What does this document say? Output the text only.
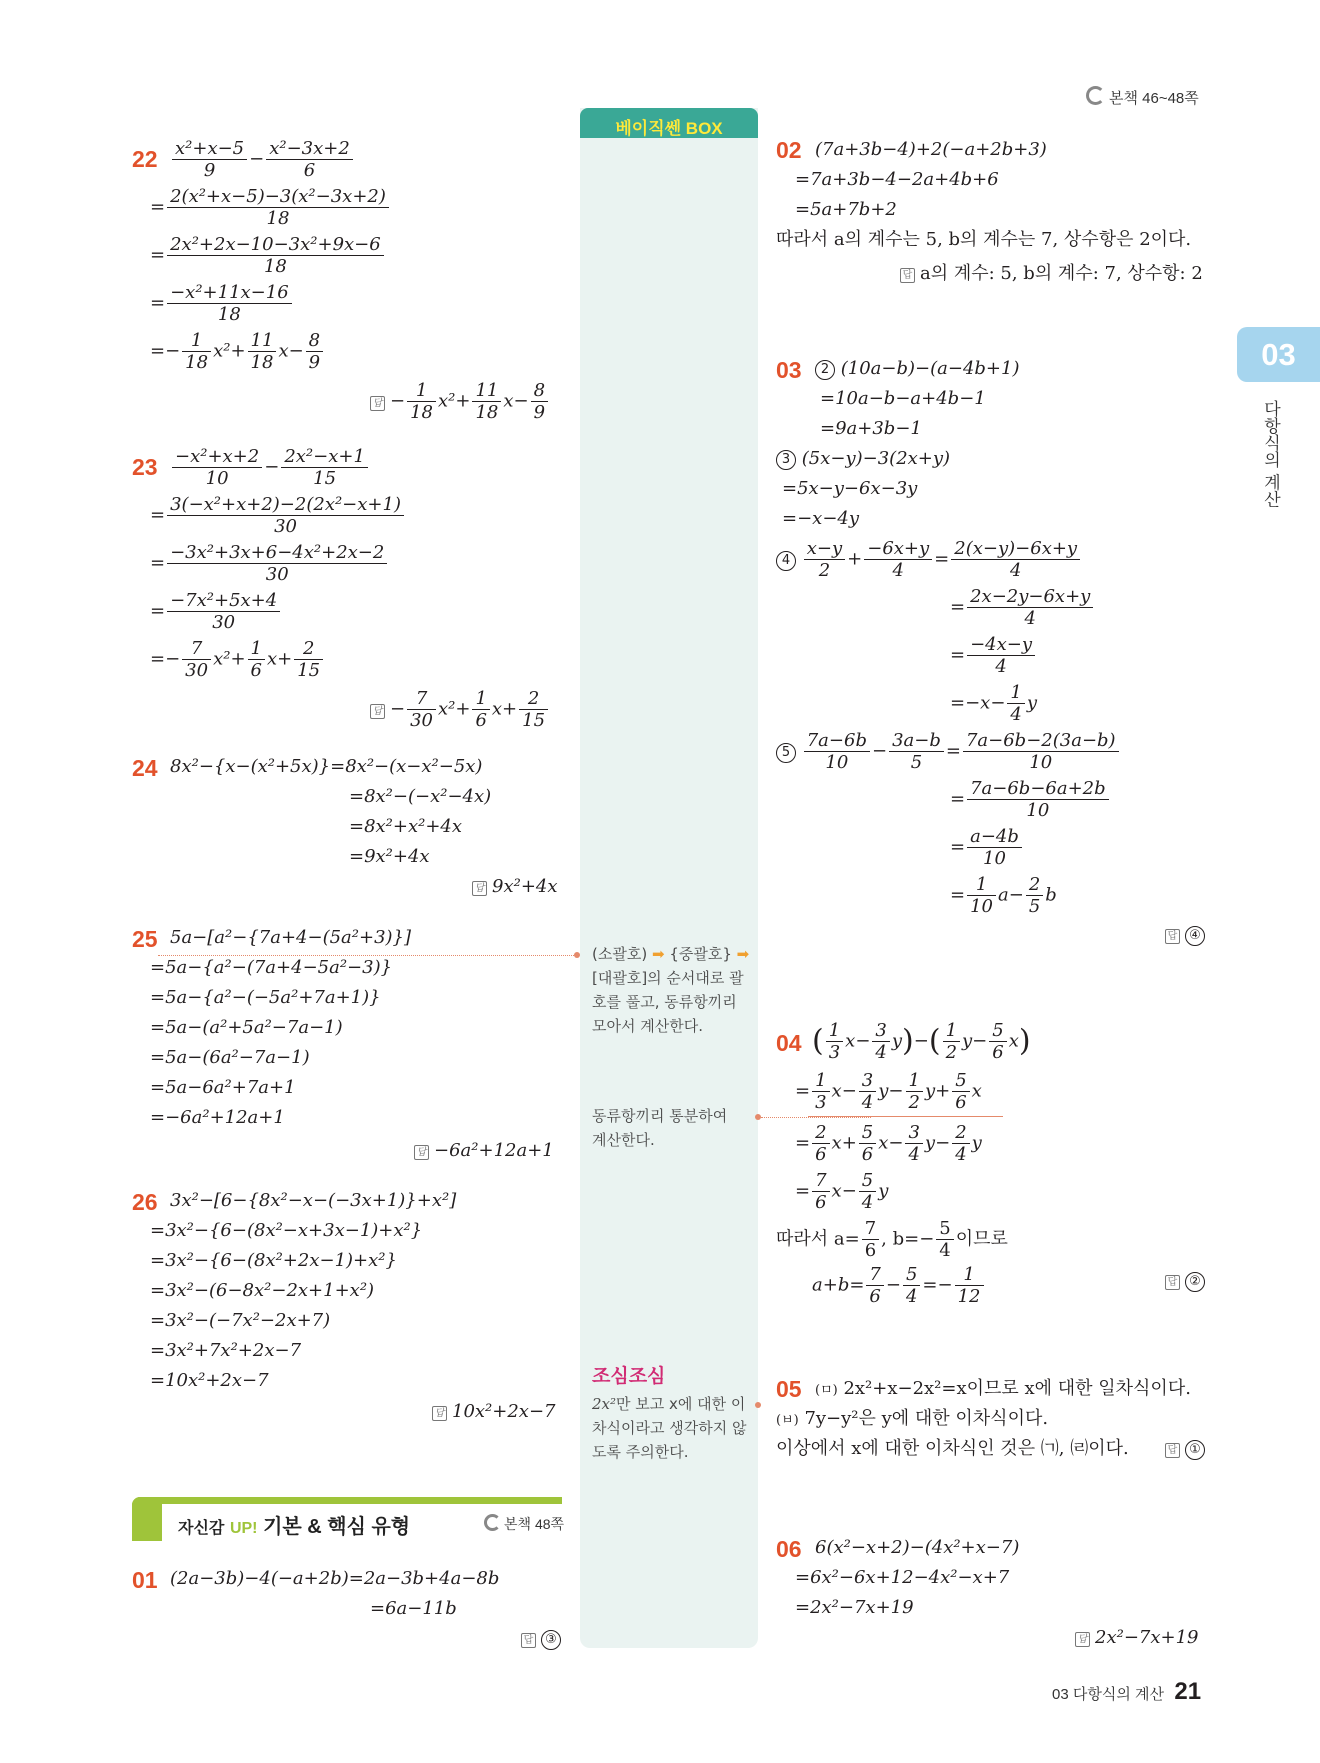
본책 46~48쪽
03
다항식의 계산
베이직쎈 BOX
(소괄호) ➡ {중괄호} ➡ [대괄호]의 순서대로 괄호를 풀고, 동류항끼리 모아서 계산한다.
동류항끼리 통분하여 계산한다.
조심조심
2x²만 보고 x에 대한 이차식이라고 생각하지 않도록 주의한다.
$22 \frac{\text{x²+x−5}}{9} - \frac{\text{x²−3x+2}}{6}$
= $\frac{\text{2(x²+x−5)−3(x²−3x+2)}}{18}$
= $\frac{\text{2x²+2x−10−3x²+9x−6}}{18}$
= $\frac{\text{−x²+11x−16}}{18}$
=− $\frac{1}{18} x^2+ \frac{11}{18} x- \frac{8}{9}$
답 − $\frac{1}{18} x^2+ \frac{11}{18} x- \frac{8}{9}$
$23 \frac{\text{−x²+x+2}}{10} - \frac{\text{2x²−x+1}}{15}$
= $\frac{\text{3(−x²+x+2)−2(2x²−x+1)}}{30}$
= $\frac{\text{−3x²+3x+6−4x²+2x−2}}{30}$
= $\frac{\text{−7x²+5x+4}}{30}$
=− $\frac{7}{30} x^2+ \frac{1}{6} x+ \frac{2}{15}$
답 − $\frac{7}{30} x^2+ \frac{1}{6} x+ \frac{2}{15}$
24 8x²−{x−(x²+5x)}=8x²−(x−x²−5x)
=8x²−(−x²−4x)
=8x²+x²+4x
=9x²+4x
답 9x²+4x
25 5a−[a²−{7a+4−(5a²+3)}]
=5a−{a²−(7a+4−5a²−3)}
=5a−{a²−(−5a²+7a+1)}
=5a−(a²+5a²−7a−1)
=5a−(6a²−7a−1)
=5a−6a²+7a+1
=−6a²+12a+1
답 −6a²+12a+1
26 3x²−[6−{8x²−x−(−3x+1)}+x²]
=3x²−{6−(8x²−x+3x−1)+x²}
=3x²−{6−(8x²+2x−1)+x²}
=3x²−(6−8x²−2x+1+x²)
=3x²−(−7x²−2x+7)
=3x²+7x²+2x−7
=10x²+2x−7
답 10x²+2x−7
자신감 UP! 기본 & 핵심 유형	본책 48쪽
01 (2a−3b)−4(−a+2b)=2a−3b+4a−8b
=6a−11b
답 ③
02 (7a+3b−4)+2(−a+2b+3)
=7a+3b−4−2a+4b+6
=5a+7b+2
따라서 a의 계수는 5, b의 계수는 7, 상수항은 2이다.
답 a의 계수: 5, b의 계수: 7, 상수항: 2
03	2 (10a−b)−(a−4b+1)
=10a−b−a+4b−1
=9a+3b−1
3 (5x−y)−3(2x+y)
=5x−y−6x−3y
=−x−4y
$4 \frac{x-y}{2} + \frac{-6x+y}{4} = \frac{2(x-y)-6x+y}{4}$
= $\frac{2x-2y-6x+y}{4}$
= $\frac{-4x-y}{4}$
$=-x- \frac{1}{4}$ y
$5 \frac{7a-6b}{10} - \frac{3a-b}{5} = \frac{7a-6b-2(3a-b)}{10}$
= $\frac{7a-6b-6a+2b}{10}$
= $\frac{a-4b}{10}$
= $\frac{1}{10} a- \frac{2}{5}$ b
답 ④
04 ( $\frac{1}{3} x- \frac{3}{4} y)-( \frac{1}{2} y- \frac{5}{6} x)$
= $\frac{1}{3} x- \frac{3}{4} y- \frac{1}{2} y+ \frac{5}{6}$ x
= $\frac{2}{6} x+ \frac{5}{6} x- \frac{3}{4} y- \frac{2}{4}$ y
= $\frac{7}{6} x- \frac{5}{4}$ y
따라서 $a= \frac{7}{6}$ , $b=- \frac{5}{4}$ 이므로
$a+b= \frac{7}{6} - \frac{5}{4} =- \frac{1}{12}$	답 ②
05 (ㅁ) 2x²+x−2x²=x이므로 x에 대한 일차식이다.
(ㅂ) 7y−y²은 y에 대한 이차식이다.
이상에서 x에 대한 이차식인 것은 ㈀, ㈃이다.	답 ①
06 6(x²−x+2)−(4x²+x−7)
=6x²−6x+12−4x²−x+7
=2x²−7x+19
답 2x²−7x+19
03 다항식의 계산 21
